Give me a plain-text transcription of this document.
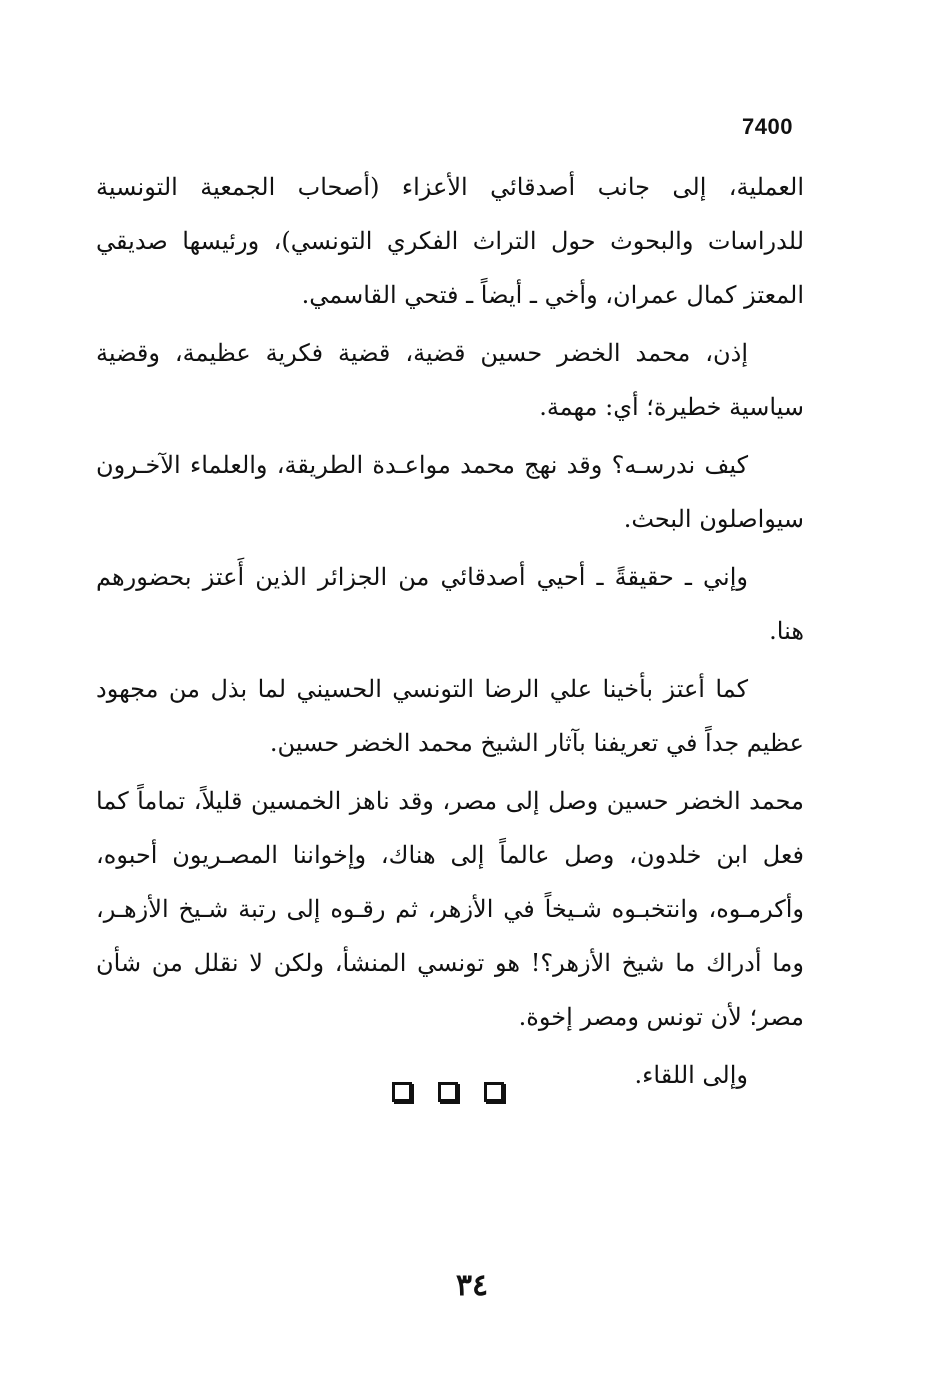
7400

العملية، إلى جانب أصدقائي الأعزاء (أصحاب الجمعية التونسية للدراسات والبحوث حول التراث الفكري التونسي)، ورئيسها صديقي المعتز كمال عمران، وأخي ـ أيضاً ـ فتحي القاسمي.

إذن، محمد الخضر حسين قضية، قضية فكرية عظيمة، وقضية سياسية خطيرة؛ أي: مهمة.

كيف ندرسـه؟ وقد نهج محمد مواعـدة الطريقة، والعلماء الآخـرون سيواصلون البحث.

وإني ـ حقيقةً ـ أحيي أصدقائي من الجزائر الذين أَعتز بحضورهم هنا.

كما أعتز بأخينا علي الرضا التونسي الحسيني لما بذل من مجهود عظيم جداً في تعريفنا بآثار الشيخ محمد الخضر حسين.

محمد الخضر حسين وصل إلى مصر، وقد ناهز الخمسين قليلاً، تماماً كما فعل ابن خلدون، وصل عالماً إلى هناك، وإخواننا المصـريون أحبوه، وأكرمـوه، وانتخبـوه شـيخاً في الأزهر، ثم رقـوه إلى رتبة شـيخ الأزهـر، وما أدراك ما شيخ الأزهر؟! هو تونسي المنشأ، ولكن لا نقلل من شأن مصر؛ لأن تونس ومصر إخوة.

وإلى اللقاء.

٣٤
